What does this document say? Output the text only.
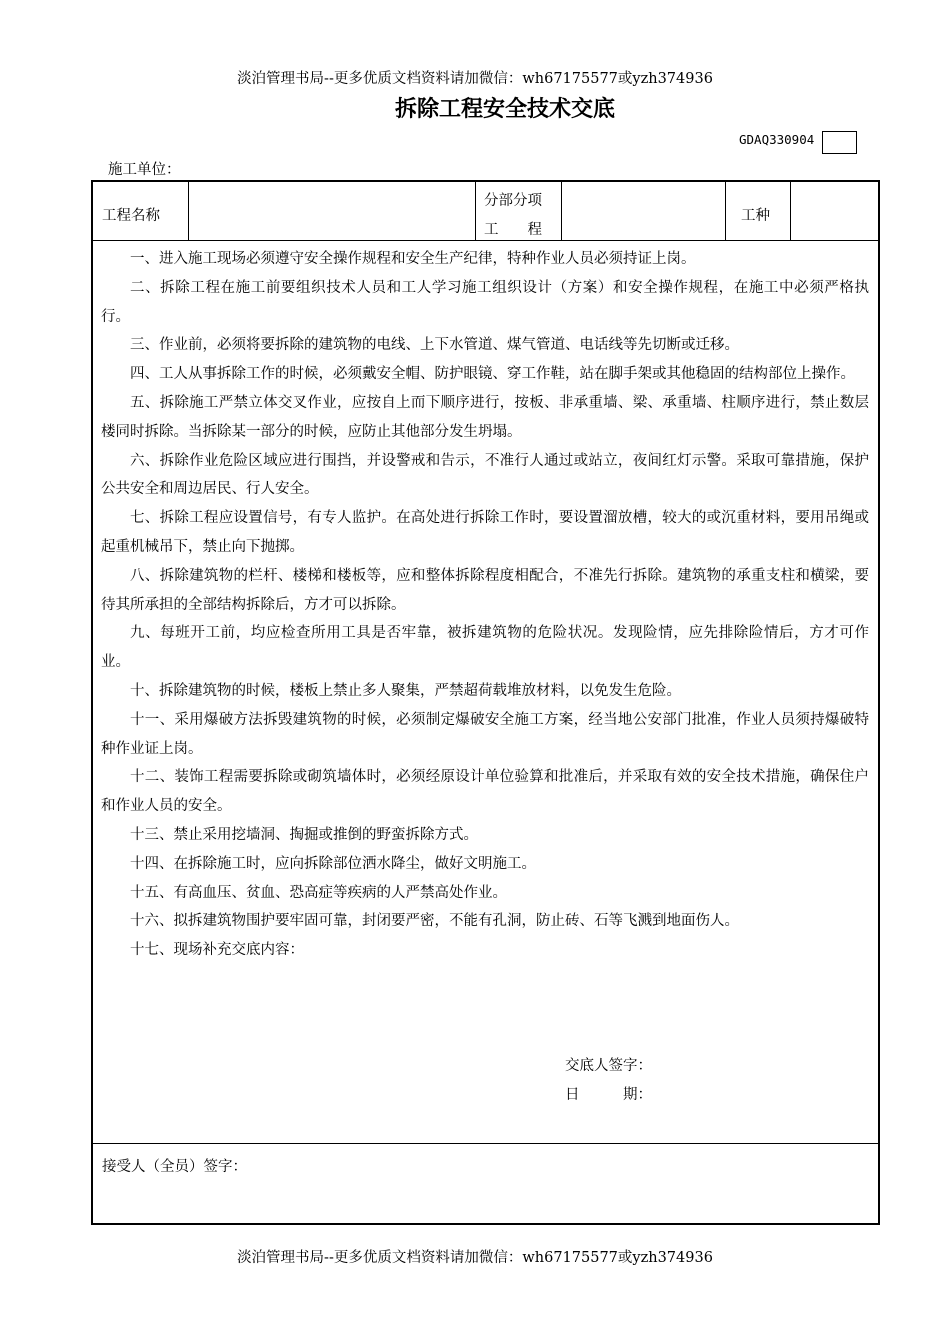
淡泊管理书局--更多优质文档资料请加微信：wh67175577或yzh374936
拆除工程安全技术交底
GDAQ330904
施工单位：
工程名称
分部分项
工　　程
工种

一、进入施工现场必须遵守安全操作规程和安全生产纪律，特种作业人员必须持证上岗。

二、拆除工程在施工前要组织技术人员和工人学习施工组织设计（方案）和安全操作规程，在施工中必须严格执行。

三、作业前，必须将要拆除的建筑物的电线、上下水管道、煤气管道、电话线等先切断或迁移。

四、工人从事拆除工作的时候，必须戴安全帽、防护眼镜、穿工作鞋，站在脚手架或其他稳固的结构部位上操作。

五、拆除施工严禁立体交叉作业，应按自上而下顺序进行，按板、非承重墙、梁、承重墙、柱顺序进行，禁止数层楼同时拆除。当拆除某一部分的时候，应防止其他部分发生坍塌。

六、拆除作业危险区域应进行围挡，并设警戒和告示，不准行人通过或站立，夜间红灯示警。采取可靠措施，保护公共安全和周边居民、行人安全。

七、拆除工程应设置信号，有专人监护。在高处进行拆除工作时，要设置溜放槽，较大的或沉重材料，要用吊绳或起重机械吊下，禁止向下抛掷。

八、拆除建筑物的栏杆、楼梯和楼板等，应和整体拆除程度相配合，不准先行拆除。建筑物的承重支柱和横梁，要待其所承担的全部结构拆除后，方才可以拆除。

九、每班开工前，均应检查所用工具是否牢靠，被拆建筑物的危险状况。发现险情，应先排除险情后，方才可作业。

十、拆除建筑物的时候，楼板上禁止多人聚集，严禁超荷载堆放材料，以免发生危险。

十一、采用爆破方法拆毁建筑物的时候，必须制定爆破安全施工方案，经当地公安部门批准，作业人员须持爆破特种作业证上岗。

十二、装饰工程需要拆除或砌筑墙体时，必须经原设计单位验算和批准后，并采取有效的安全技术措施，确保住户和作业人员的安全。

十三、禁止采用挖墙洞、掏掘或推倒的野蛮拆除方式。

十四、在拆除施工时，应向拆除部位洒水降尘，做好文明施工。

十五、有高血压、贫血、恐高症等疾病的人严禁高处作业。

十六、拟拆建筑物围护要牢固可靠，封闭要严密，不能有孔洞，防止砖、石等飞溅到地面伤人。

十七、现场补充交底内容：

交底人签字：
日　　　期：
接受人（全员）签字：
淡泊管理书局--更多优质文档资料请加微信：wh67175577或yzh374936
